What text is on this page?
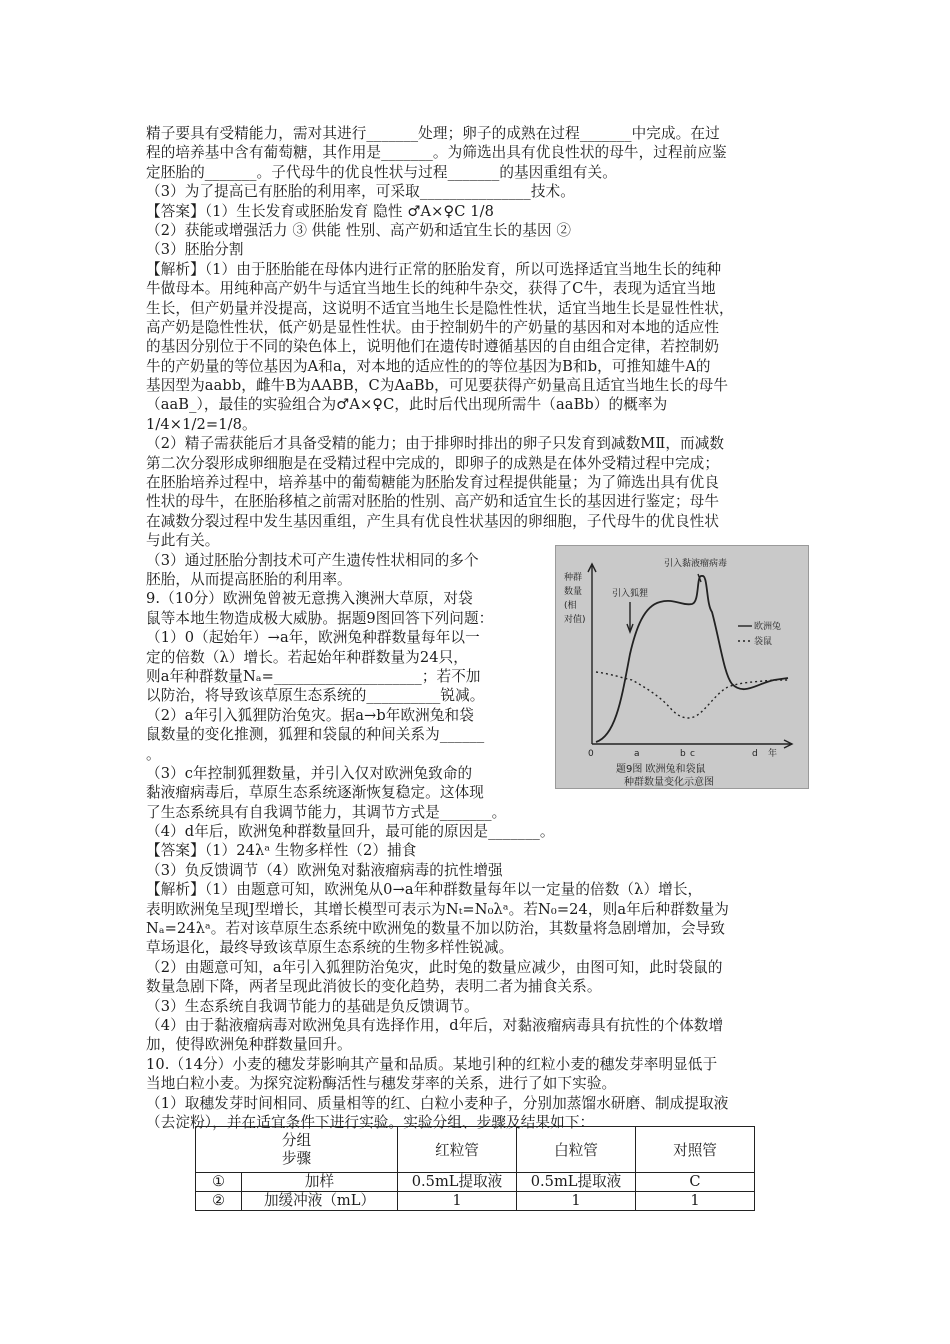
精子要具有受精能力，需对其进行_______处理；卵子的成熟在过程_______中完成。在过
程的培养基中含有葡萄糖，其作用是_______。为筛选出具有优良性状的母牛，过程前应鉴
定胚胎的_______。子代母牛的优良性状与过程_______的基因重组有关。
（3）为了提高已有胚胎的利用率，可采取_______________技术。
【答案】（1）生长发育或胚胎发育 隐性 ♂A×♀C 1/8
（2）获能或增强活力 ③ 供能 性别、高产奶和适宜生长的基因 ②
（3）胚胎分割
【解析】（1）由于胚胎能在母体内进行正常的胚胎发育，所以可选择适宜当地生长的纯种
牛做母本。用纯种高产奶牛与适宜当地生长的纯种牛杂交，获得了C牛，表现为适宜当地
生长，但产奶量并没提高，这说明不适宜当地生长是隐性性状，适宜当地生长是显性性状，
高产奶是隐性性状，低产奶是显性性状。由于控制奶牛的产奶量的基因和对本地的适应性
的基因分别位于不同的染色体上，说明他们在遗传时遵循基因的自由组合定律，若控制奶
牛的产奶量的等位基因为A和a，对本地的适应性的的等位基因为B和b，可推知雄牛A的
基因型为aabb，雌牛B为AABB，C为AaBb，可见要获得产奶量高且适宜当地生长的母牛
（aaB_），最佳的实验组合为♂A×♀C，此时后代出现所需牛（aaBb）的概率为
1/4×1/2=1/8。
（2）精子需获能后才具备受精的能力；由于排卵时排出的卵子只发育到减数MⅡ，而减数
第二次分裂形成卵细胞是在受精过程中完成的，即卵子的成熟是在体外受精过程中完成；
在胚胎培养过程中，培养基中的葡萄糖能为胚胎发育过程提供能量；为了筛选出具有优良
性状的母牛，在胚胎移植之前需对胚胎的性别、高产奶和适宜生长的基因进行鉴定；母牛
在减数分裂过程中发生基因重组，产生具有优良性状基因的卵细胞，子代母牛的优良性状
与此有关。
（3）通过胚胎分割技术可产生遗传性状相同的多个
胚胎，从而提高胚胎的利用率。
9.（10分）欧洲兔曾被无意携入澳洲大草原，对袋
鼠等本地生物造成极大威胁。据题9图回答下列问题：
（1）0（起始年）→a年，欧洲兔种群数量每年以一
定的倍数（λ）增长。若起始年种群数量为24只，
则a年种群数量Nₐ=____________________；若不加
以防治，将导致该草原生态系统的__________锐减。
（2）a年引入狐狸防治兔灾。据a→b年欧洲兔和袋
鼠数量的变化推测，狐狸和袋鼠的种间关系为______
。
（3）c年控制狐狸数量，并引入仅对欧洲兔致命的
黏液瘤病毒后，草原生态系统逐渐恢复稳定。这体现
了生态系统具有自我调节能力，其调节方式是_______。
（4）d年后，欧洲兔种群数量回升，最可能的原因是_______。
【答案】（1）24λᵃ 生物多样性（2）捕食
（3）负反馈调节（4）欧洲兔对黏液瘤病毒的抗性增强
【解析】（1）由题意可知，欧洲兔从0→a年种群数量每年以一定量的倍数（λ）增长，
表明欧洲兔呈现J型增长，其增长模型可表示为Nₜ=N₀λᵃ。若N₀=24，则a年后种群数量为
Nₐ=24λᵃ。若对该草原生态系统中欧洲兔的数量不加以防治，其数量将急剧增加，会导致
草场退化，最终导致该草原生态系统的生物多样性锐减。
（2）由题意可知，a年引入狐狸防治兔灾，此时兔的数量应减少，由图可知，此时袋鼠的
数量急剧下降，两者呈现此消彼长的变化趋势，表明二者为捕食关系。
（3）生态系统自我调节能力的基础是负反馈调节。
（4）由于黏液瘤病毒对欧洲兔具有选择作用，d年后，对黏液瘤病毒具有抗性的个体数增
加，使得欧洲兔种群数量回升。
10.（14分）小麦的穗发芽影响其产量和品质。某地引种的红粒小麦的穗发芽率明显低于
当地白粒小麦。为探究淀粉酶活性与穗发芽率的关系，进行了如下实验。
（1）取穗发芽时间相同、质量相等的红、白粒小麦种子，分别加蒸馏水研磨、制成提取液
（去淀粉），并在适宜条件下进行实验。实验分组、步骤及结果如下：
种群
数量
(相
对值)
引入狐狸
引入黏液瘤病毒
欧洲兔
袋鼠
0	a	b c	d 年
题9图 欧洲兔和袋鼠
种群数量变化示意图
分组
步骤		红粒管	白粒管	对照管
①	加样	0.5mL提取液	0.5mL提取液	C
②	加缓冲液（mL）	1	1	1
